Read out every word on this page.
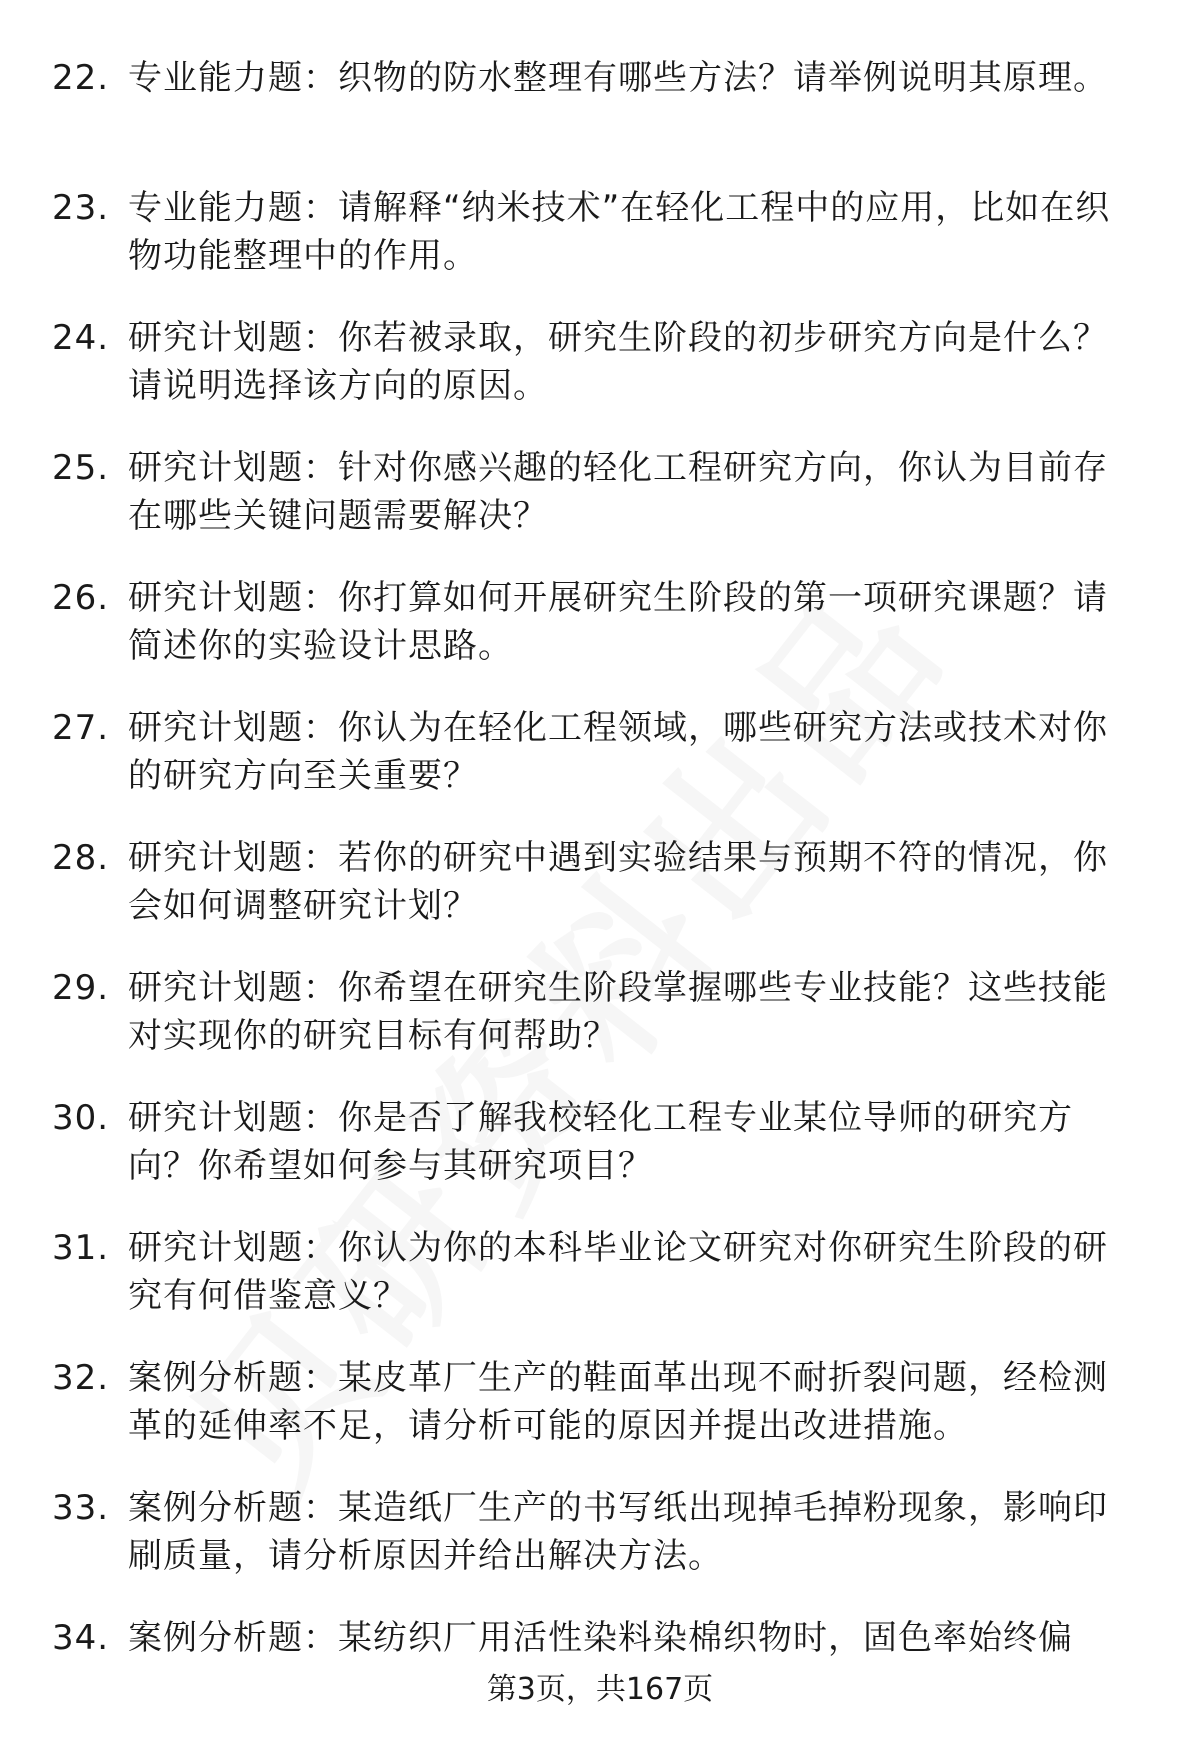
22. 专业能力题：织物的防水整理有哪些方法？请举例说明其原理。
23. 专业能力题：请解释“纳米技术”在轻化工程中的应用，比如在织物功能整理中的作用。
24. 研究计划题：你若被录取，研究生阶段的初步研究方向是什么？请说明选择该方向的原因。
25. 研究计划题：针对你感兴趣的轻化工程研究方向，你认为目前存在哪些关键问题需要解决？
26. 研究计划题：你打算如何开展研究生阶段的第一项研究课题？请简述你的实验设计思路。
27. 研究计划题：你认为在轻化工程领域，哪些研究方法或技术对你的研究方向至关重要？
28. 研究计划题：若你的研究中遇到实验结果与预期不符的情况，你会如何调整研究计划？
29. 研究计划题：你希望在研究生阶段掌握哪些专业技能？这些技能对实现你的研究目标有何帮助？
30. 研究计划题：你是否了解我校轻化工程专业某位导师的研究方向？你希望如何参与其研究项目？
31. 研究计划题：你认为你的本科毕业论文研究对你研究生阶段的研究有何借鉴意义？
32. 案例分析题：某皮革厂生产的鞋面革出现不耐折裂问题，经检测革的延伸率不足，请分析可能的原因并提出改进措施。
33. 案例分析题：某造纸厂生产的书写纸出现掉毛掉粉现象，影响印刷质量，请分析原因并给出解决方法。
34. 案例分析题：某纺织厂用活性染料染棉织物时，固色率始终偏
第3页，共167页
